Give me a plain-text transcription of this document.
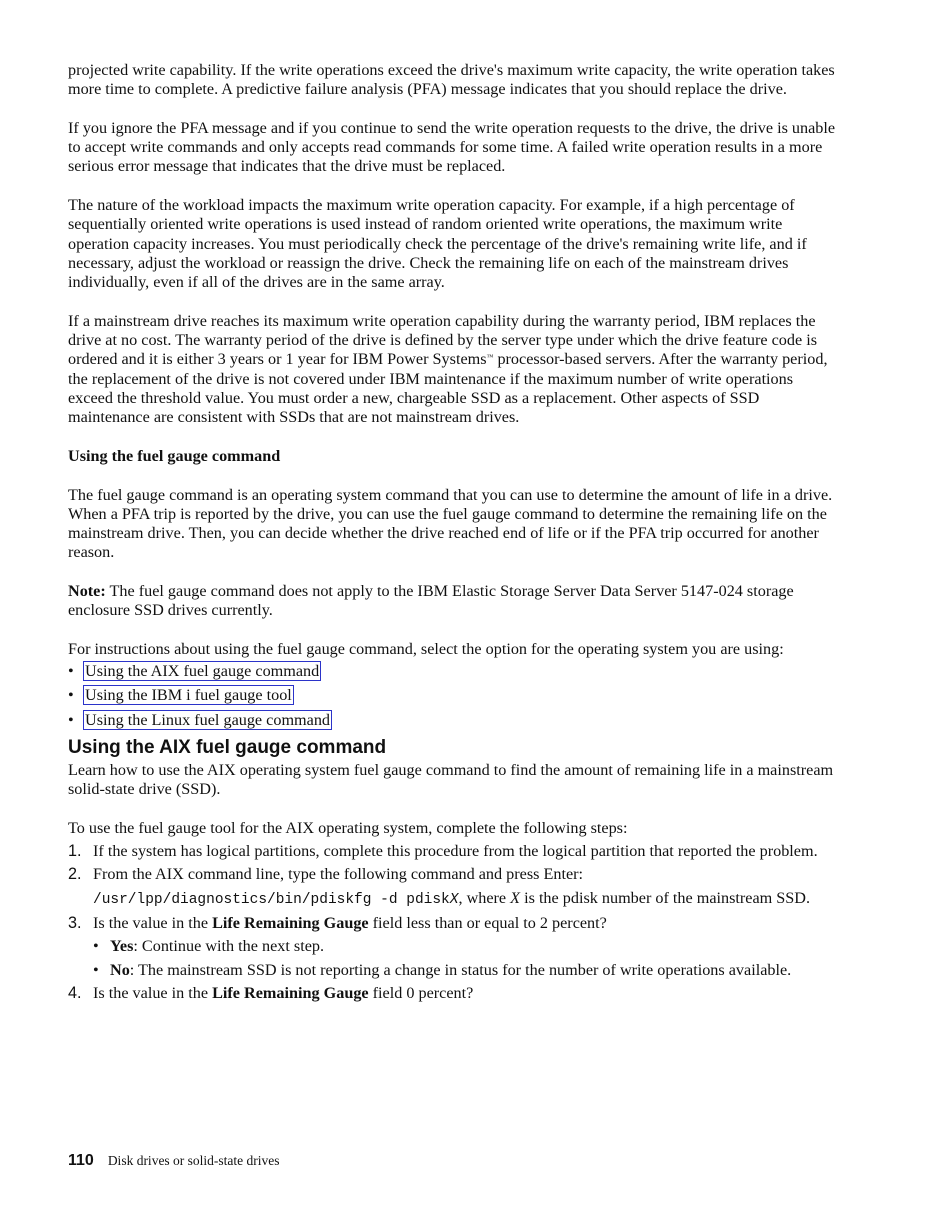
projected write capability. If the write operations exceed the drive's maximum write capacity, the write operation takes more time to complete. A predictive failure analysis (PFA) message indicates that you should replace the drive.

If you ignore the PFA message and if you continue to send the write operation requests to the drive, the drive is unable to accept write commands and only accepts read commands for some time. A failed write operation results in a more serious error message that indicates that the drive must be replaced.

The nature of the workload impacts the maximum write operation capacity. For example, if a high percentage of sequentially oriented write operations is used instead of random oriented write operations, the maximum write operation capacity increases. You must periodically check the percentage of the drive's remaining write life, and if necessary, adjust the workload or reassign the drive. Check the remaining life on each of the mainstream drives individually, even if all of the drives are in the same array.

If a mainstream drive reaches its maximum write operation capability during the warranty period, IBM replaces the drive at no cost. The warranty period of the drive is defined by the server type under which the drive feature code is ordered and it is either 3 years or 1 year for IBM Power Systems™ processor-based servers. After the warranty period, the replacement of the drive is not covered under IBM maintenance if the maximum number of write operations exceed the threshold value. You must order a new, chargeable SSD as a replacement. Other aspects of SSD maintenance are consistent with SSDs that are not mainstream drives.

Using the fuel gauge command

The fuel gauge command is an operating system command that you can use to determine the amount of life in a drive. When a PFA trip is reported by the drive, you can use the fuel gauge command to determine the remaining life on the mainstream drive. Then, you can decide whether the drive reached end of life or if the PFA trip occurred for another reason.

Note: The fuel gauge command does not apply to the IBM Elastic Storage Server Data Server 5147-024 storage enclosure SSD drives currently.

For instructions about using the fuel gauge command, select the option for the operating system you are using:

• Using the AIX fuel gauge command
• Using the IBM i fuel gauge tool
• Using the Linux fuel gauge command
Using the AIX fuel gauge command

Learn how to use the AIX operating system fuel gauge command to find the amount of remaining life in a mainstream solid-state drive (SSD).

To use the fuel gauge tool for the AIX operating system, complete the following steps:

1. If the system has logical partitions, complete this procedure from the logical partition that reported the problem.
2. From the AIX command line, type the following command and press Enter:
/usr/lpp/diagnostics/bin/pdiskfg -d pdiskX, where X is the pdisk number of the mainstream SSD.
3. Is the value in the Life Remaining Gauge field less than or equal to 2 percent?
• Yes: Continue with the next step.
• No: The mainstream SSD is not reporting a change in status for the number of write operations available.
4. Is the value in the Life Remaining Gauge field 0 percent?
110 Disk drives or solid-state drives
